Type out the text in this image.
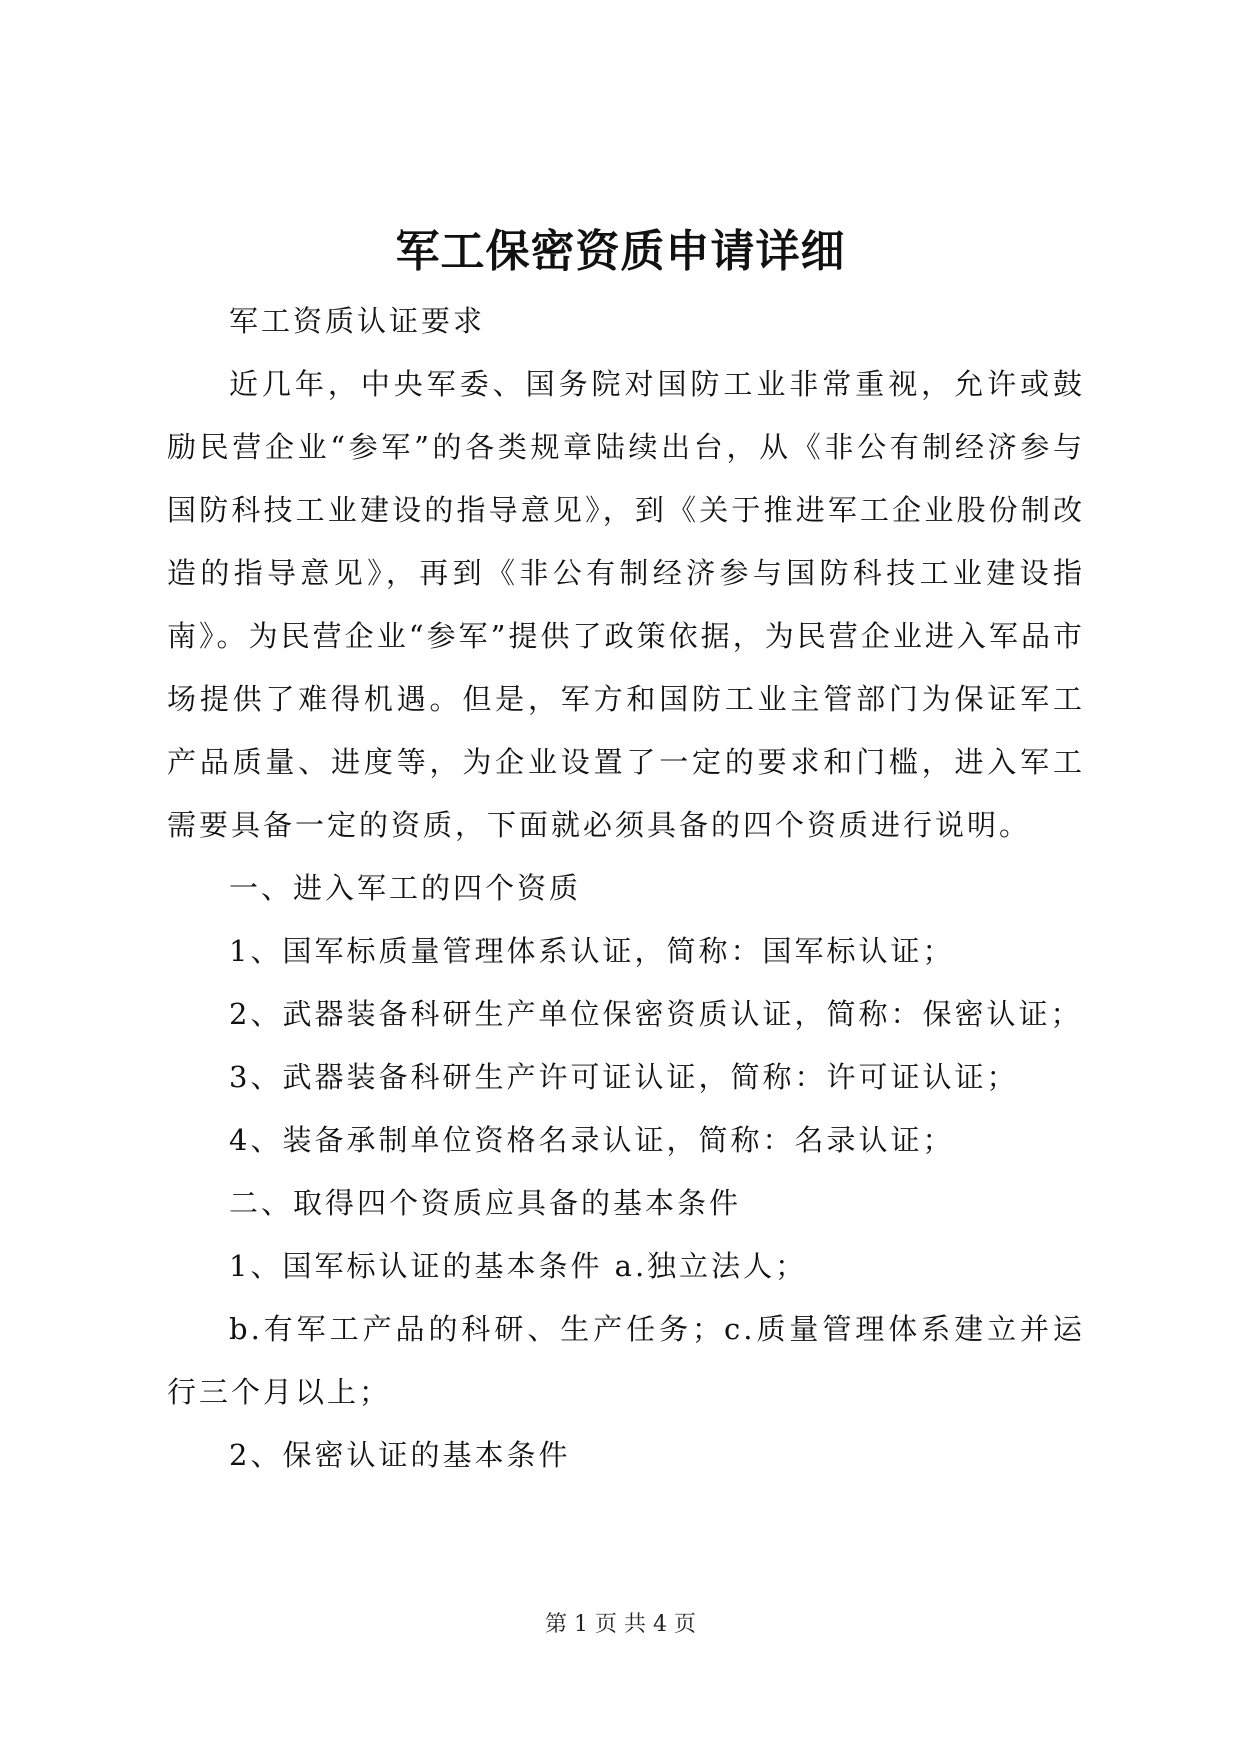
军工保密资质申请详细

军工资质认证要求

近几年，中央军委、国务院对国防工业非常重视，允许或鼓励民营企业“参军”的各类规章陆续出台，从《非公有制经济参与国防科技工业建设的指导意见》，到《关于推进军工企业股份制改造的指导意见》，再到《非公有制经济参与国防科技工业建设指南》。为民营企业“参军”提供了政策依据，为民营企业进入军品市场提供了难得机遇。但是，军方和国防工业主管部门为保证军工产品质量、进度等，为企业设置了一定的要求和门槛，进入军工需要具备一定的资质，下面就必须具备的四个资质进行说明。

一、进入军工的四个资质

1、国军标质量管理体系认证，简称：国军标认证；

2、武器装备科研生产单位保密资质认证，简称：保密认证；

3、武器装备科研生产许可证认证，简称：许可证认证；

4、装备承制单位资格名录认证，简称：名录认证；

二、取得四个资质应具备的基本条件

1、国军标认证的基本条件 a.独立法人；

b.有军工产品的科研、生产任务；c.质量管理体系建立并运行三个月以上；

2、保密认证的基本条件

第 1 页 共 4 页
